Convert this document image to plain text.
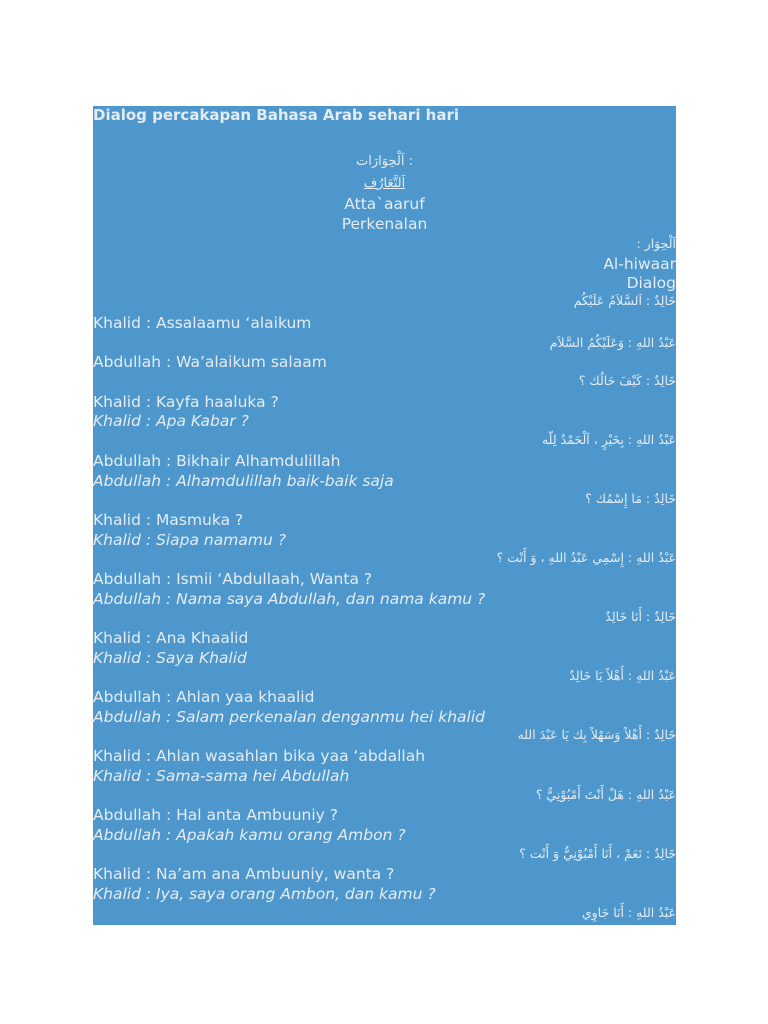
Dialog percakapan Bahasa Arab sehari hari
اَلْحِوَارَات :
اَلتَّعَارُف
Atta`aaruf
Perkenalan
اَلْحِوَار :
Al-hiwaar
Dialog
خَالِدٌ : اَلسَّلاَمُ عَلَيْكُم
Khalid : Assalaamu ‘alaikum
عَبْدُ اللهِ : وَعَلَيْكُمُ السَّلاَم
Abdullah : Wa’alaikum salaam
خَالِدٌ : كَيْفَ حَالُك ؟
Khalid : Kayfa haaluka ?
Khalid : Apa Kabar ?
عَبْدُ اللهِ : بِخَيْرٍ ، اَلْحَمْدُ لِلّه
Abdullah : Bikhair Alhamdulillah
Abdullah : Alhamdulillah baik-baik saja
خَالِدٌ : مَا إِسْمُك ؟
Khalid : Masmuka ?
Khalid : Siapa namamu ?
عَبْدُ اللهِ : إِسْمِي عَبْدُ اللهِ ، وَ أَنْت ؟
Abdullah : Ismii ‘Abdullaah, Wanta ?
Abdullah : Nama saya Abdullah, dan nama kamu ?
خَالِدٌ : أَنَا خَالِدٌ
Khalid : Ana Khaalid
Khalid : Saya Khalid
عَبْدُ اللهِ : أَهْلاً يَا خَالِدٌ
Abdullah : Ahlan yaa khaalid
Abdullah : Salam perkenalan denganmu hei khalid
خَالِدٌ : أَهْلاً وَسَهْلاً بِك يَا عَبْدَ الله
Khalid : Ahlan wasahlan bika yaa ‘abdallah
Khalid : Sama-sama hei Abdullah
عَبْدُ اللهِ : هَلْ أَنْتَ أَمْبُوْنِيٌّ ؟
Abdullah : Hal anta Ambuuniy ?
Abdullah : Apakah kamu orang Ambon ?
خَالِدٌ : نَعَمْ ، أَنَا أَمْبُوْنِيٌّ وَ أَنْت ؟
Khalid : Na’am ana Ambuuniy, wanta ?
Khalid : Iya, saya orang Ambon, dan kamu ?
عَبْدُ اللهِ : أَنَا جَاوِي
